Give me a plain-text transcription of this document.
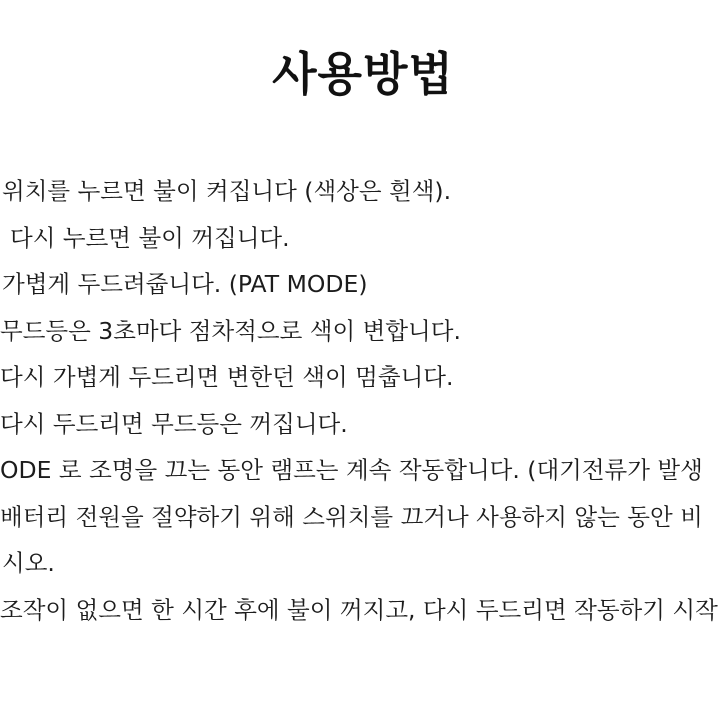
사용방법
위치를 누르면 불이 켜집니다 (색상은 흰색).
다시 누르면 불이 꺼집니다.
가볍게 두드려줍니다. (PAT MODE)
무드등은 3초마다 점차적으로 색이 변합니다.
다시 가볍게 두드리면 변한던 색이 멈춥니다.
다시 두드리면 무드등은 꺼집니다.
ODE 로 조명을 끄는 동안 램프는 계속 작동합니다. (대기전류가 발생
배터리 전원을 절약하기 위해 스위치를 끄거나 사용하지 않는 동안 비
시오.
조작이 없으면 한 시간 후에 불이 꺼지고, 다시 두드리면 작동하기 시작
